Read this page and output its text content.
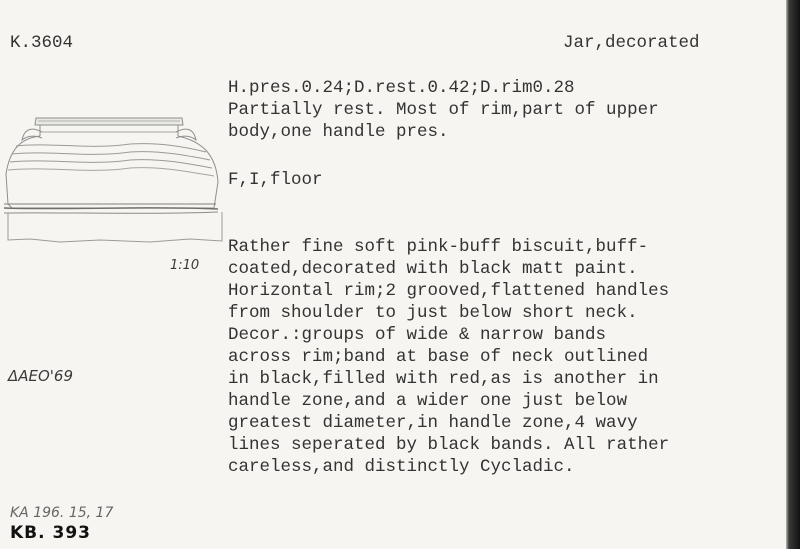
K.3604	Jar,decorated

H.pres.0.24;D.rest.0.42;D.rim0.28

Partially rest. Most of rim,part of upper
body,one handle pres.

F,I,floor

Rather fine soft pink-buff biscuit,buff-
coated,decorated with black matt paint.
Horizontal rim;2 grooved,flattened handles
from shoulder to just below short neck.
Decor.:groups of wide & narrow bands
across rim;band at base of neck outlined
in black,filled with red,as is another in
handle zone,and a wider one just below
greatest diameter,in handle zone,4 wavy
lines seperated by black bands. All rather
careless,and distinctly Cycladic.

1:10

ΔAEO'69

KA 196. 15, 17

KB. 393
